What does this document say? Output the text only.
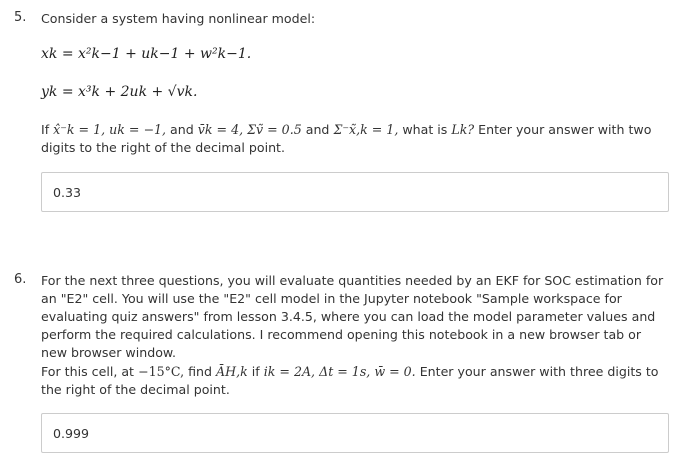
5. Consider a system having nonlinear model:

xk = x²k−1 + uk−1 + w²k−1.
yk = x³k + 2uk + √vk.

If x̂⁻k = 1, uk = −1, and v̄k = 4, Σṽ = 0.5 and Σ⁻x̃,k = 1, what is Lk? Enter your answer with two digits to the right of the decimal point.

0.33
6. For the next three questions, you will evaluate quantities needed by an EKF for SOC estimation for an "E2" cell. You will use the "E2" cell model in the Jupyter notebook "Sample workspace for evaluating quiz answers" from lesson 3.4.5, where you can load the model parameter values and perform the required calculations. I recommend opening this notebook in a new browser tab or new browser window.

For this cell, at −15°C, find ĀH,k if ik = 2A, Δt = 1s, w̄ = 0. Enter your answer with three digits to the right of the decimal point.

0.999
